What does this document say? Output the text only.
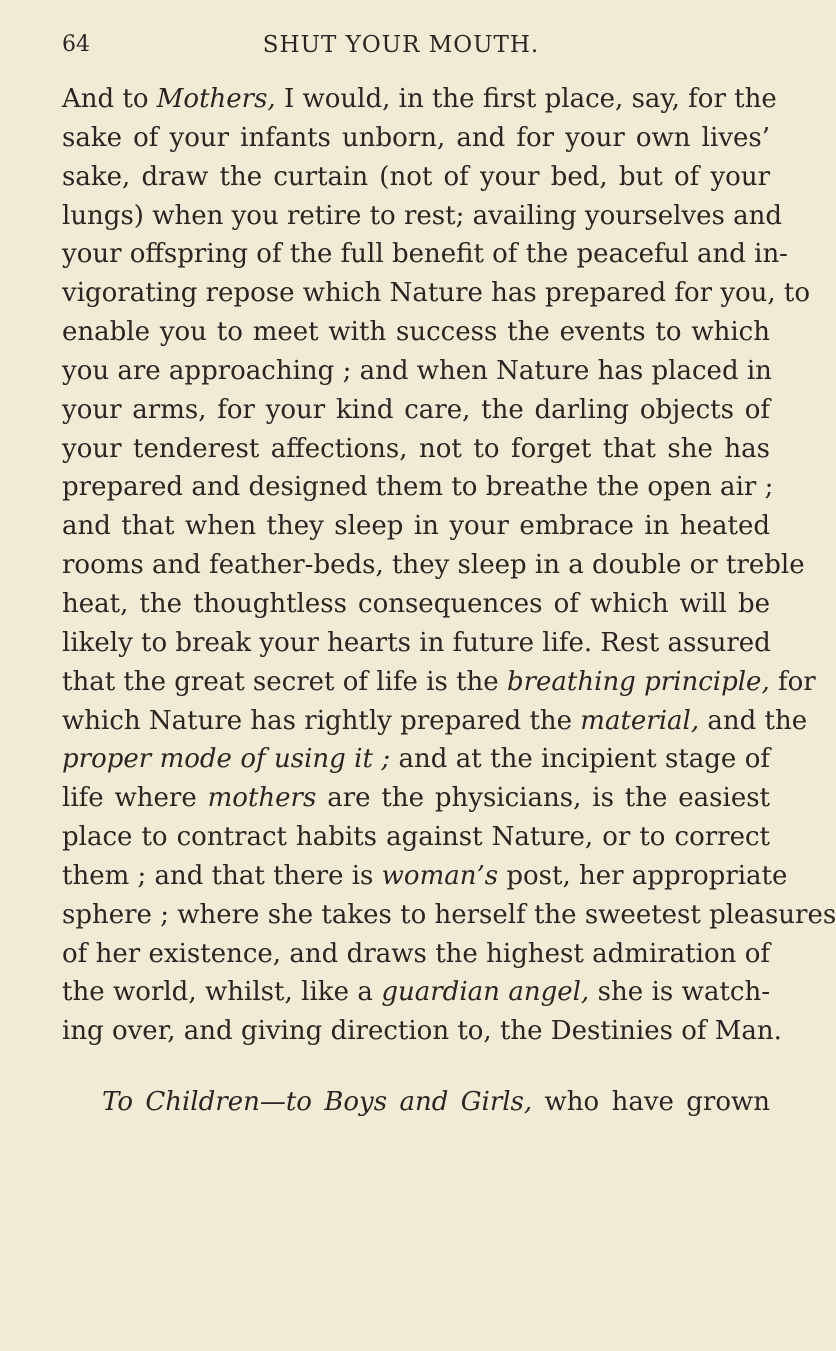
64	SHUT YOUR MOUTH.
And to Mothers, I would, in the first place, say, for the
sake of your infants unborn, and for your own lives’
sake, draw the curtain (not of your bed, but of your
lungs) when you retire to rest; availing yourselves and
your offspring of the full benefit of the peaceful and in-
vigorating repose which Nature has prepared for you, to
enable you to meet with success the events to which
you are approaching ; and when Nature has placed in
your arms, for your kind care, the darling objects of
your tenderest affections, not to forget that she has
prepared and designed them to breathe the open air ;
and that when they sleep in your embrace in heated
rooms and feather-beds, they sleep in a double or treble
heat, the thoughtless consequences of which will be
likely to break your hearts in future life. Rest assured
that the great secret of life is the breathing principle, for
which Nature has rightly prepared the material, and the
proper mode of using it ; and at the incipient stage of
life where mothers are the physicians, is the easiest
place to contract habits against Nature, or to correct
them ; and that there is woman’s post, her appropriate
sphere ; where she takes to herself the sweetest pleasures
of her existence, and draws the highest admiration of
the world, whilst, like a guardian angel, she is watch-
ing over, and giving direction to, the Destinies of Man.
To Children—to Boys and Girls, who have grown
